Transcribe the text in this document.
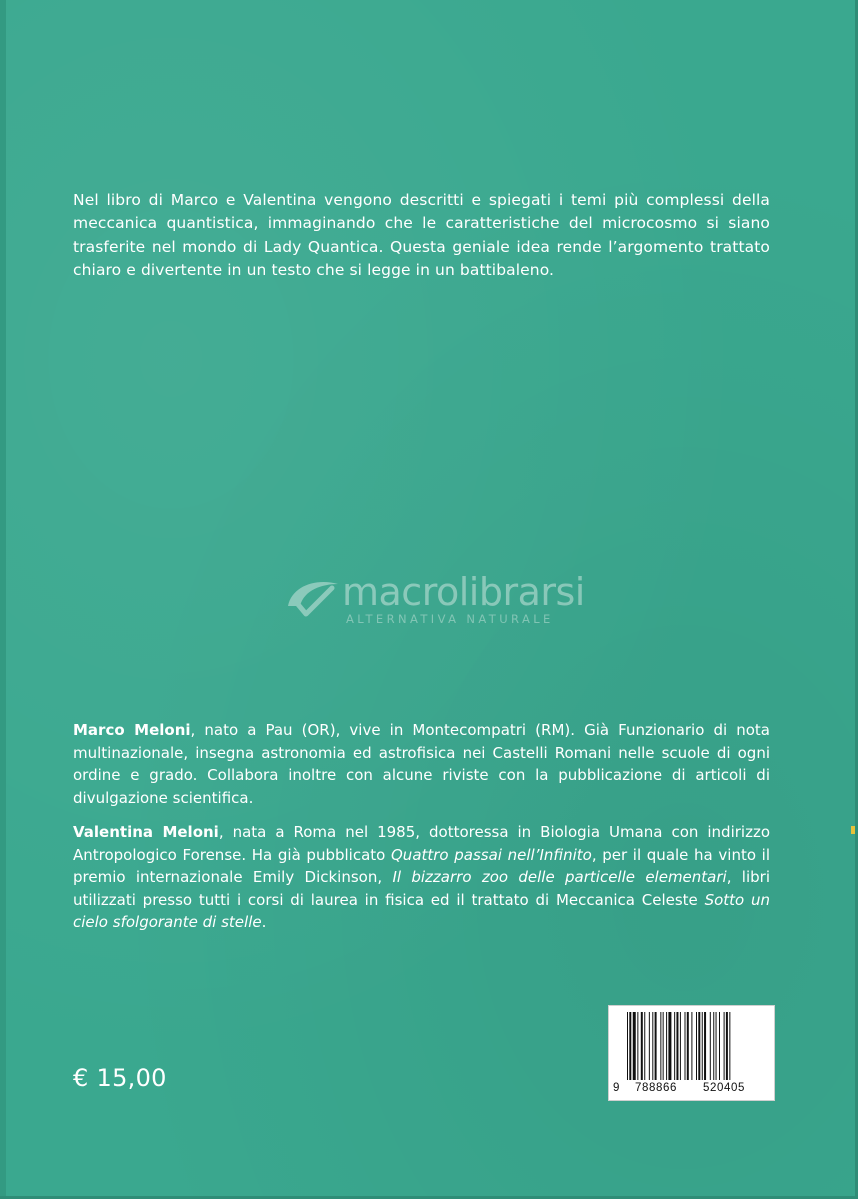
Nel libro di Marco e Valentina vengono descritti e spiegati i temi più complessi della meccanica quantistica, immaginando che le caratteristiche del microcosmo si siano trasferite nel mondo di Lady Quantica. Questa geniale idea rende l’argomento trattato chiaro e divertente in un testo che si legge in un battibaleno.

macrolibrarsi
ALTERNATIVA NATURALE

Marco Meloni, nato a Pau (OR), vive in Montecompatri (RM). Già Funzionario di nota multinazionale, insegna astronomia ed astrofisica nei Castelli Romani nelle scuole di ogni ordine e grado. Collabora inoltre con alcune riviste con la pubblicazione di articoli di divulgazione scientifica.

Valentina Meloni, nata a Roma nel 1985, dottoressa in Biologia Umana con indirizzo Antropologico Forense. Ha già pubblicato Quattro passai nell’Infinito, per il quale ha vinto il premio internazionale Emily Dickinson, Il bizzarro zoo delle particelle elementari, libri utilizzati presso tutti i corsi di laurea in fisica ed il trattato di Meccanica Celeste Sotto un cielo sfolgorante di stelle.

€ 15,00	9 788866 520405
